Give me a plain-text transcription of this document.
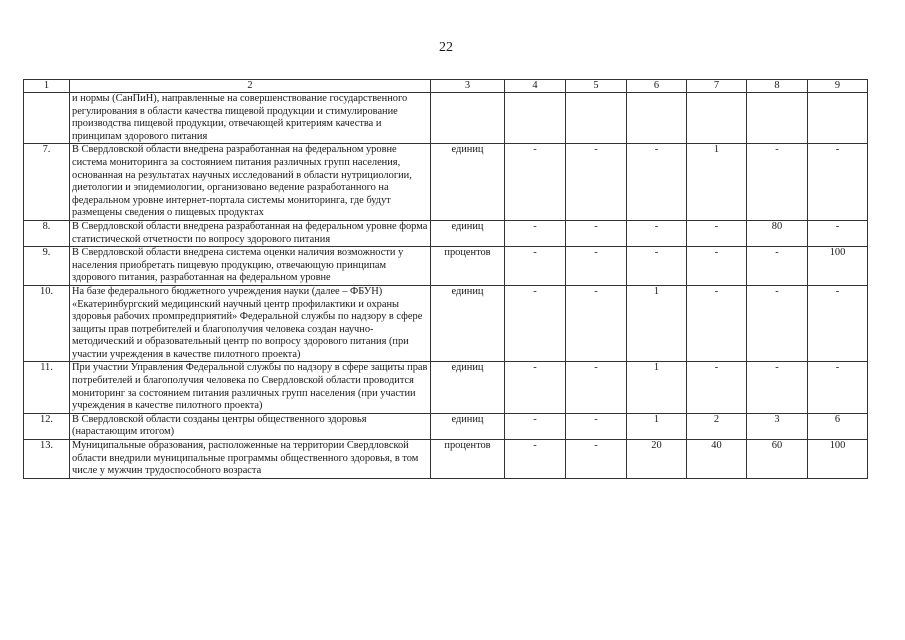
22
1	2	3	4	5	6	7	8	9
	и нормы (СанПиН), направленные на совершенствование государственного регулирования в области качества пищевой продукции и стимулирование производства пищевой продукции, отвечающей критериям качества и принципам здорового питания							
7.	В Свердловской области внедрена разработанная на федеральном уровне система мониторинга за состоянием питания различных групп населения, основанная на результатах научных исследований в области нутрициологии, диетологии и эпидемиологии, организовано ведение разработанного на федеральном уровне интернет-портала системы мониторинга, где будут размещены сведения о пищевых продуктах	единиц	-	-	-	1	-	-
8.	В Свердловской области внедрена разработанная на федеральном уровне форма статистической отчетности по вопросу здорового питания	единиц	-	-	-	-	80	-
9.	В Свердловской области внедрена система оценки наличия возможности у населения приобретать пищевую продукцию, отвечающую принципам здорового питания, разработанная на федеральном уровне	процентов	-	-	-	-	-	100
10.	На базе федерального бюджетного учреждения науки (далее – ФБУН) «Екатеринбургский медицинский научный центр профилактики и охраны здоровья рабочих промпредприятий» Федеральной службы по надзору в сфере защиты прав потребителей и благополучия человека создан научно-методический и образовательный центр по вопросу здорового питания (при участии учреждения в качестве пилотного проекта)	единиц	-	-	1	-	-	-
11.	При участии Управления Федеральной службы по надзору в сфере защиты прав потребителей и благополучия человека по Свердловской области проводится мониторинг за состоянием питания различных групп населения (при участии учреждения в качестве пилотного проекта)	единиц	-	-	1	-	-	-
12.	В Свердловской области созданы центры общественного здоровья (нарастающим итогом)	единиц	-	-	1	2	3	6
13.	Муниципальные образования, расположенные на территории Свердловской области внедрили муниципальные программы общественного здоровья, в том числе у мужчин трудоспособного возраста	процентов	-	-	20	40	60	100
